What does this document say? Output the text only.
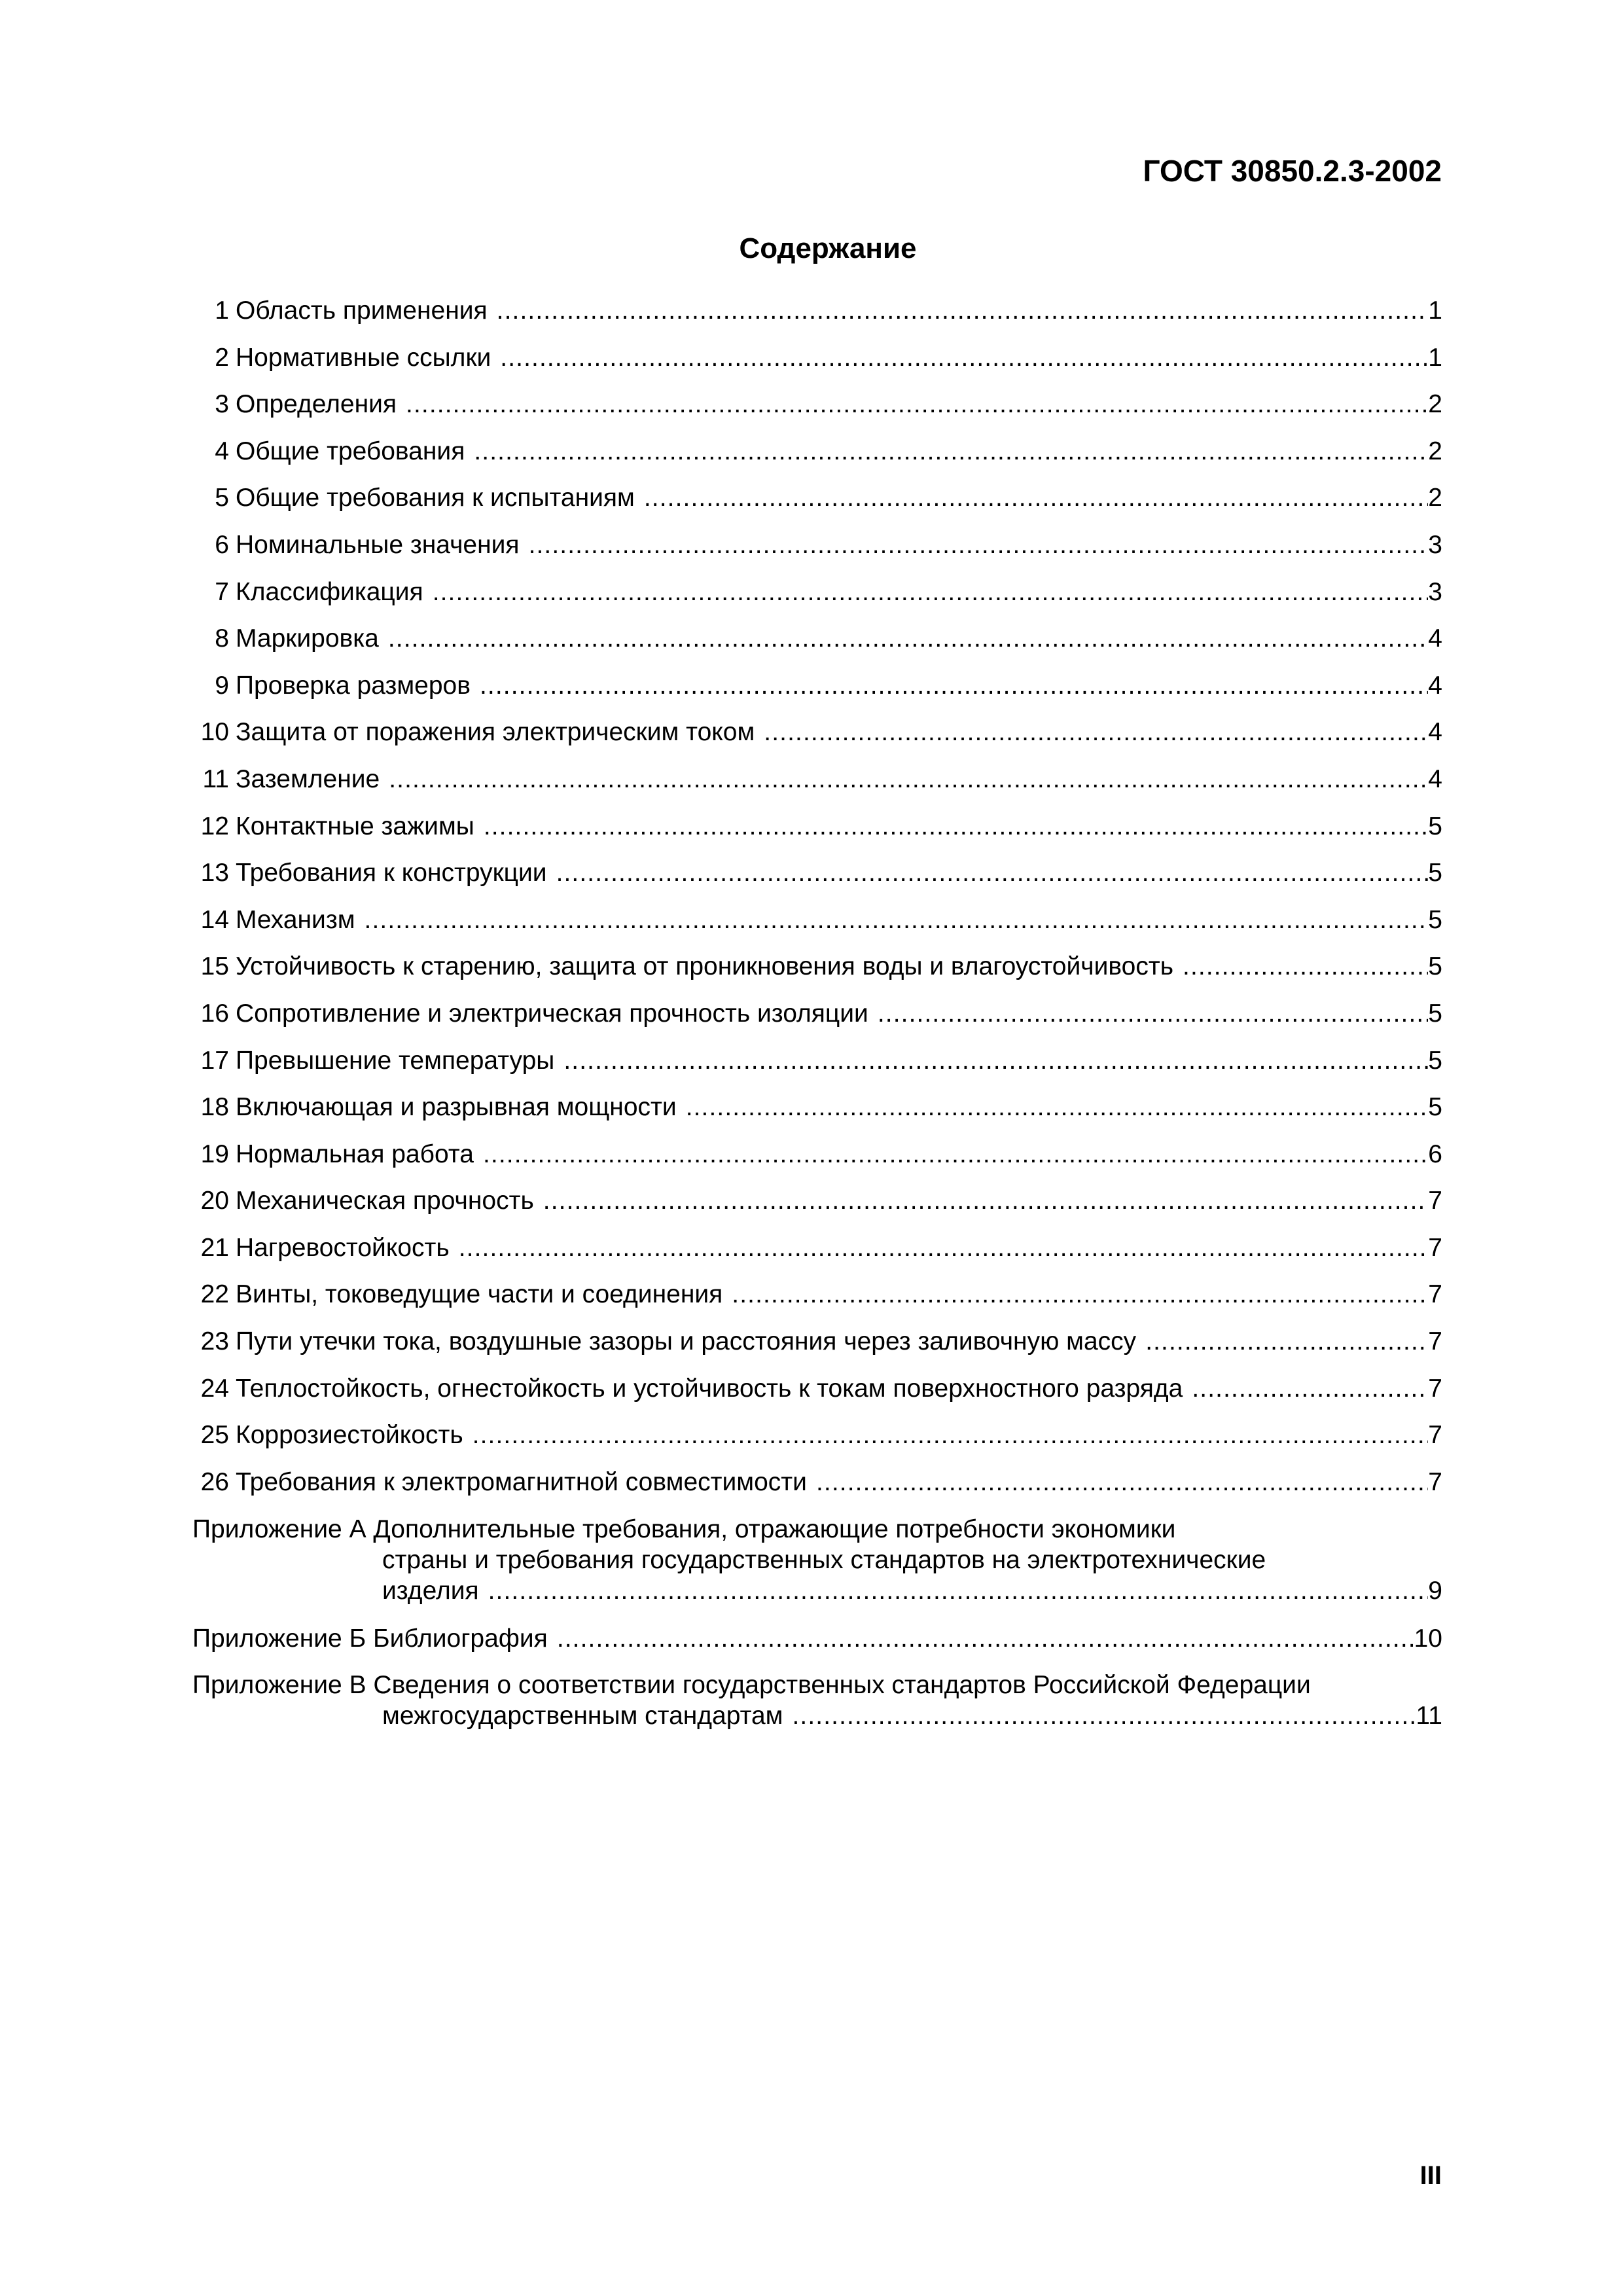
ГОСТ 30850.2.3-2002
Содержание
1 Область применения .....	1
2 Нормативные ссылки .....	1
3 Определения .....	2
4 Общие требования .....	2
5 Общие требования к испытаниям .....	2
6 Номинальные значения .....	3
7 Классификация .....	3
8 Маркировка .....	4
9 Проверка размеров .....	4
10 Защита от поражения электрическим током .....	4
11 Заземление .....	4
12 Контактные зажимы .....	5
13 Требования к конструкции .....	5
14 Механизм .....	5
15 Устойчивость к старению, защита от проникновения воды и влагоустойчивость .....	5
16 Сопротивление и электрическая прочность изоляции .....	5
17 Превышение температуры .....	5
18 Включающая и разрывная мощности .....	5
19 Нормальная работа .....	6
20 Механическая прочность .....	7
21 Нагревостойкость .....	7
22 Винты, токоведущие части и соединения .....	7
23 Пути утечки тока, воздушные зазоры и расстояния через заливочную массу .....	7
24 Теплостойкость, огнестойкость и устойчивость к токам поверхностного разряда .....	7
25 Коррозиестойкость .....	7
26 Требования к электромагнитной совместимости .....	7
Приложение А Дополнительные требования, отражающие потребности экономики
страны и требования государственных стандартов на электротехнические
изделия .....	9
Приложение Б Библиография .....	10
Приложение В Сведения о соответствии государственных стандартов Российской Федерации
межгосударственным стандартам .....	11
III
